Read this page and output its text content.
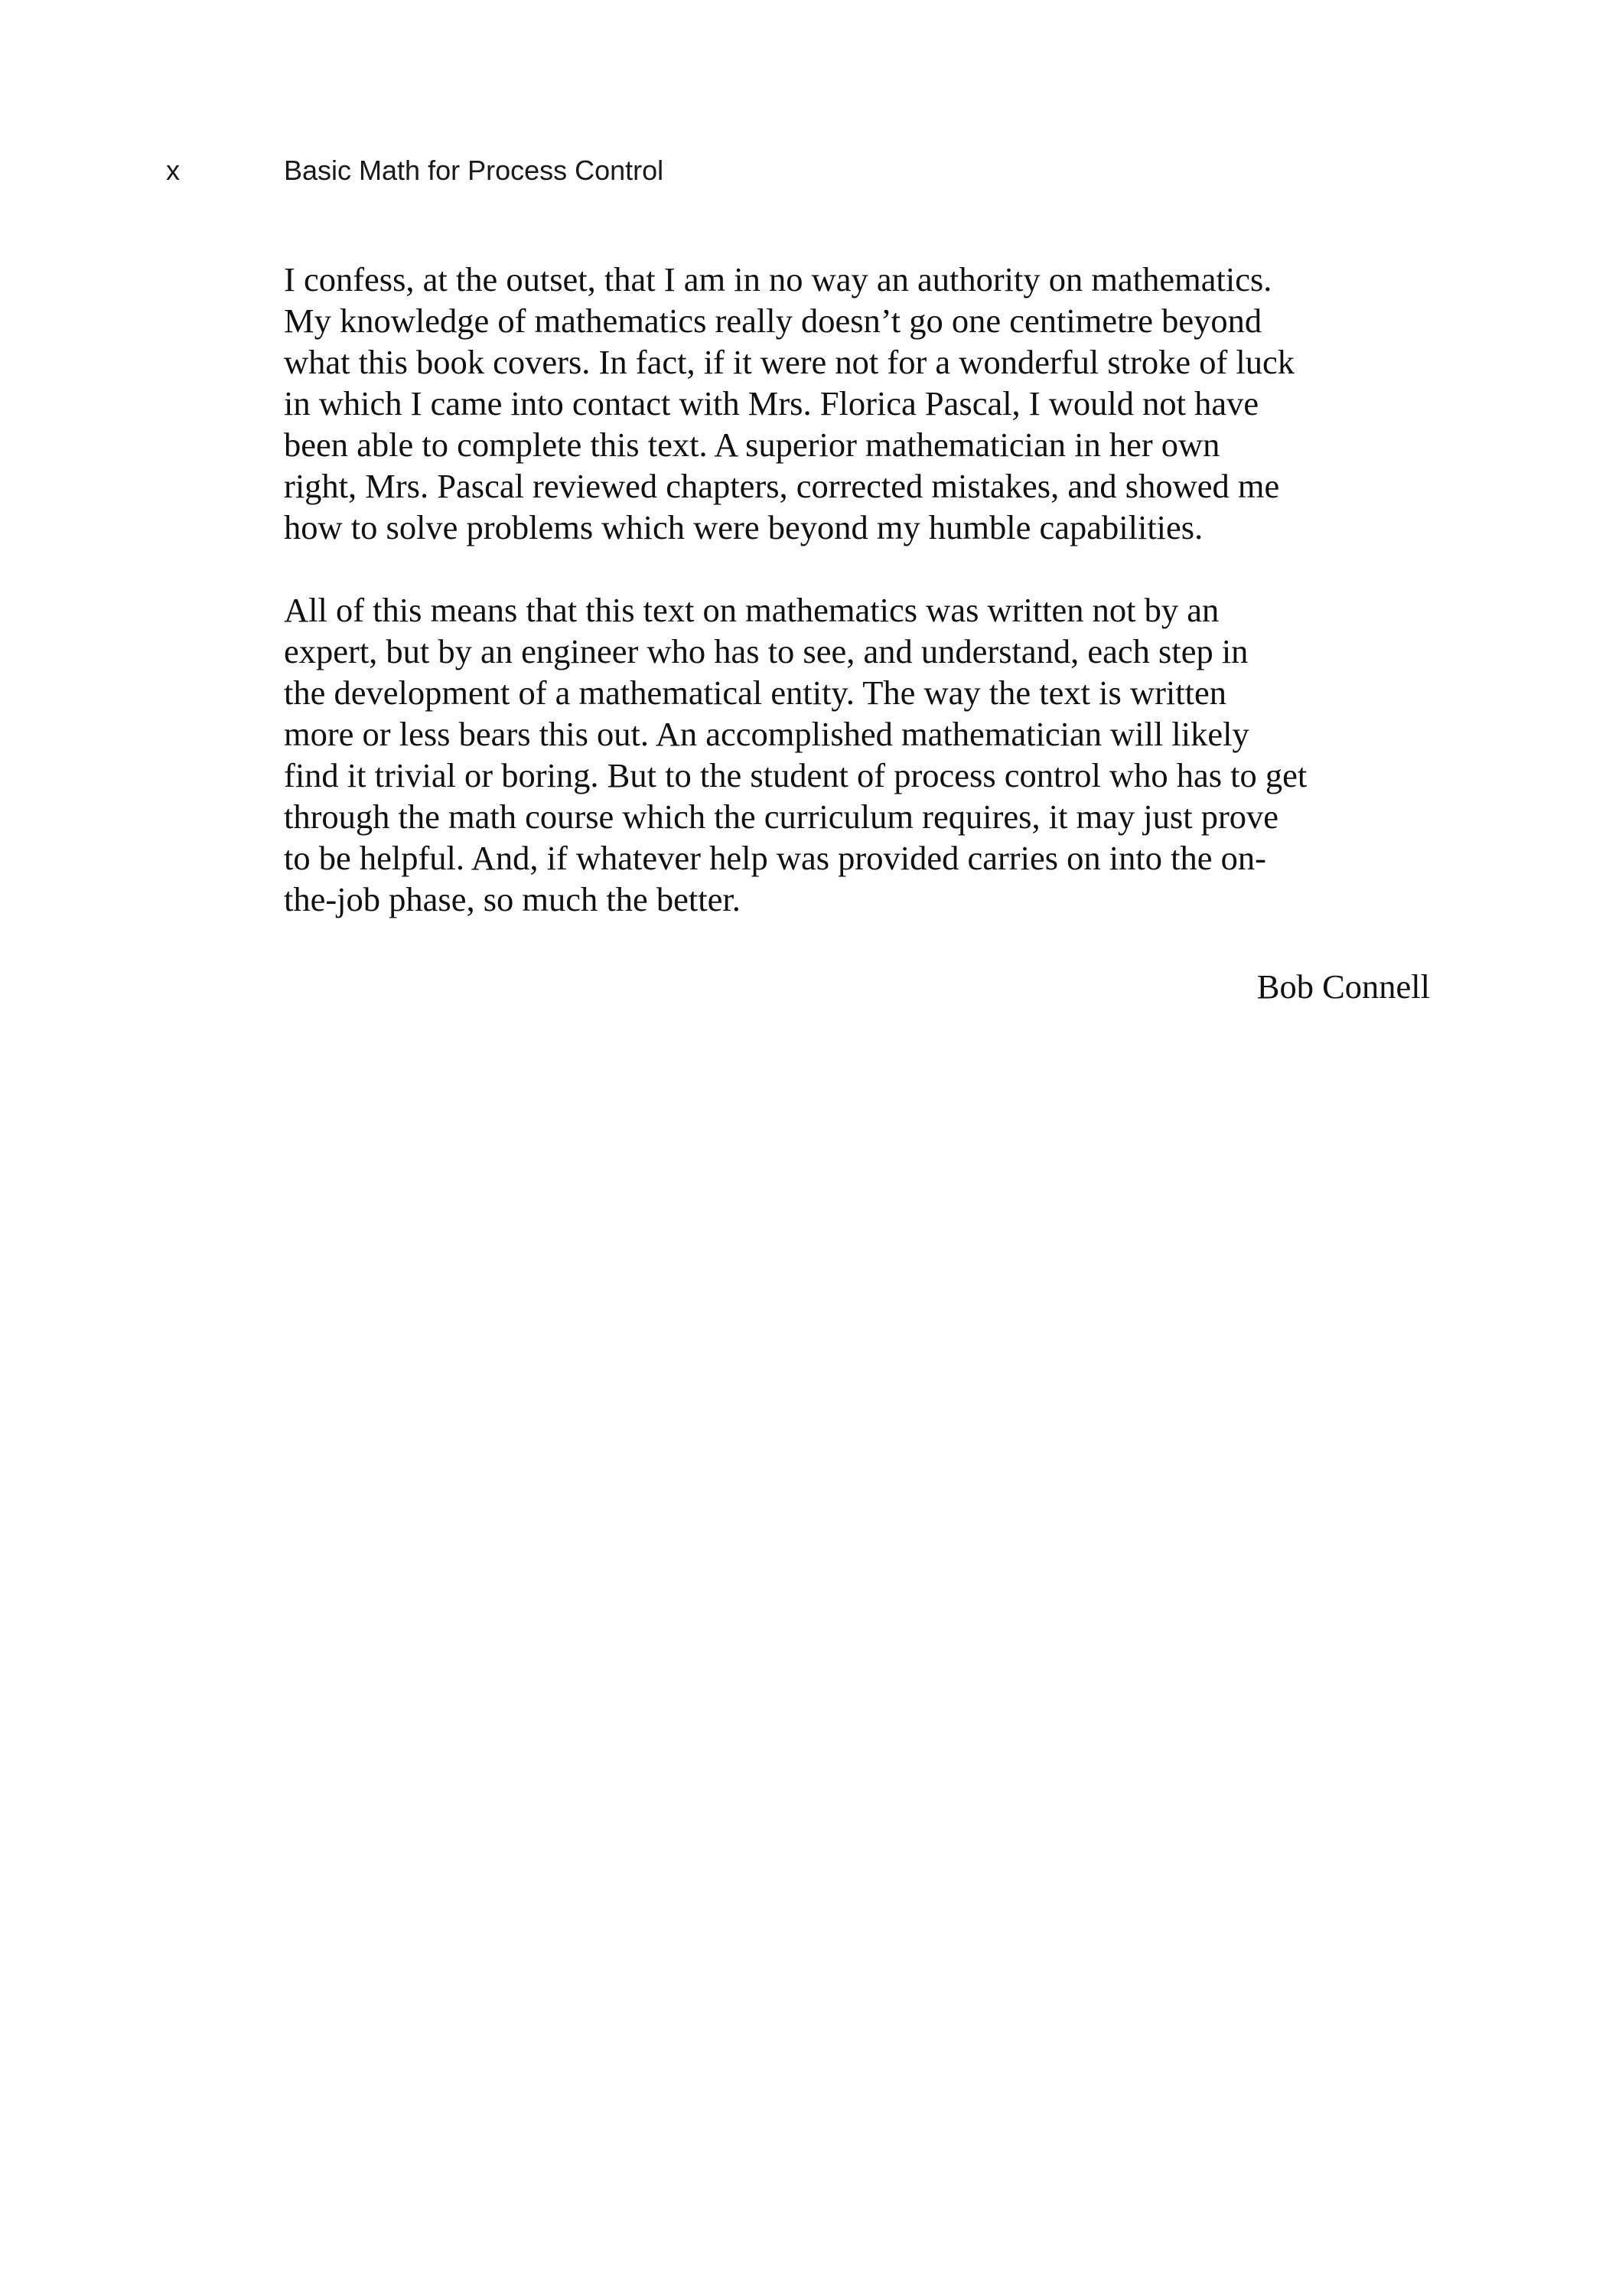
x	Basic Math for Process Control

I confess, at the outset, that I am in no way an authority on mathematics.
My knowledge of mathematics really doesn’t go one centimetre beyond
what this book covers. In fact, if it were not for a wonderful stroke of luck
in which I came into contact with Mrs. Florica Pascal, I would not have
been able to complete this text. A superior mathematician in her own
right, Mrs. Pascal reviewed chapters, corrected mistakes, and showed me
how to solve problems which were beyond my humble capabilities.

All of this means that this text on mathematics was written not by an
expert, but by an engineer who has to see, and understand, each step in
the development of a mathematical entity. The way the text is written
more or less bears this out. An accomplished mathematician will likely
find it trivial or boring. But to the student of process control who has to get
through the math course which the curriculum requires, it may just prove
to be helpful. And, if whatever help was provided carries on into the on-
the-job phase, so much the better.

Bob Connell
